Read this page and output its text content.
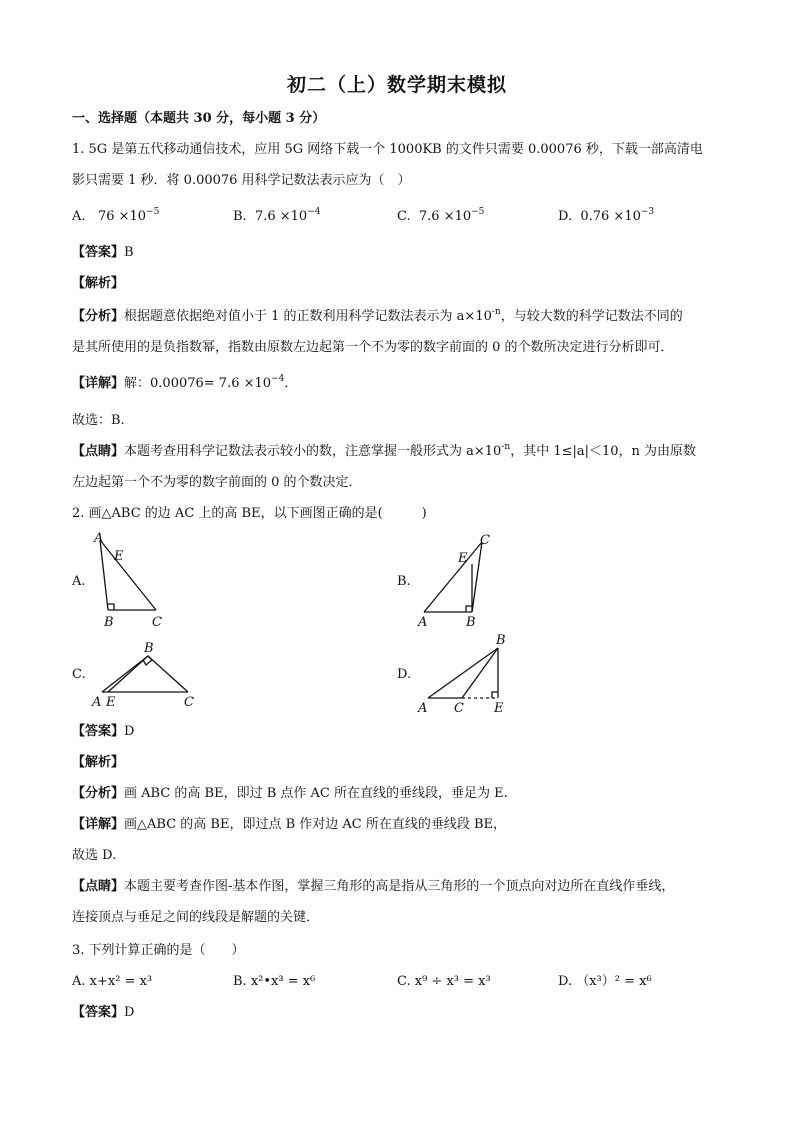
初二（上）数学期末模拟
一、选择题（本题共 30 分，每小题 3 分）
1. 5G 是第五代移动通信技术，应用 5G 网络下载一个 1000KB 的文件只需要 0.00076 秒，下载一部高清电
影只需要 1 秒．将 0.00076 用科学记数法表示应为（　）
A. $76 \times 10^{-5}$	B. $7.6 \times 10^{-4}$	C. $7.6 \times 10^{-5}$	D. $0.76 \times 10^{-3}$
【答案】B
【解析】
【分析】根据题意依据绝对值小于 1 的正数利用科学记数法表示为 $a\times 10^{-n}$，与较大数的科学记数法不同的
是其所使用的是负指数幂，指数由原数左边起第一个不为零的数字前面的 0 的个数所决定进行分析即可．
【详解】解：$0.00076= 7.6 \times 10^{-4}$．
故选：B.
【点睛】本题考查用科学记数法表示较小的数，注意掌握一般形式为 $a\times 10^{-n}$，其中 1≤|a|＜10，n 为由原数
左边起第一个不为零的数字前面的 0 的个数决定．
2. 画△ABC 的边 AC 上的高 BE，以下画图正确的是(　　　)
A.	B.
C.	D.
A
E
B	C
C
E
A	B
B
A E	C
B
A C E
【答案】D
【解析】
【分析】画 ABC 的高 BE，即过 B 点作 AC 所在直线的垂线段，垂足为 E.
【详解】画△ABC 的高 BE，即过点 B 作对边 AC 所在直线的垂线段 BE，
故选 D.
【点睛】本题主要考查作图-基本作图，掌握三角形的高是指从三角形的一个顶点向对边所在直线作垂线，
连接顶点与垂足之间的线段是解题的关键．
3. 下列计算正确的是（　　）
A. x+x² = x³	B. x²•x³ = x⁶	C. x⁹ ÷ x³ = x³	D. （x³）² = x⁶
【答案】D
